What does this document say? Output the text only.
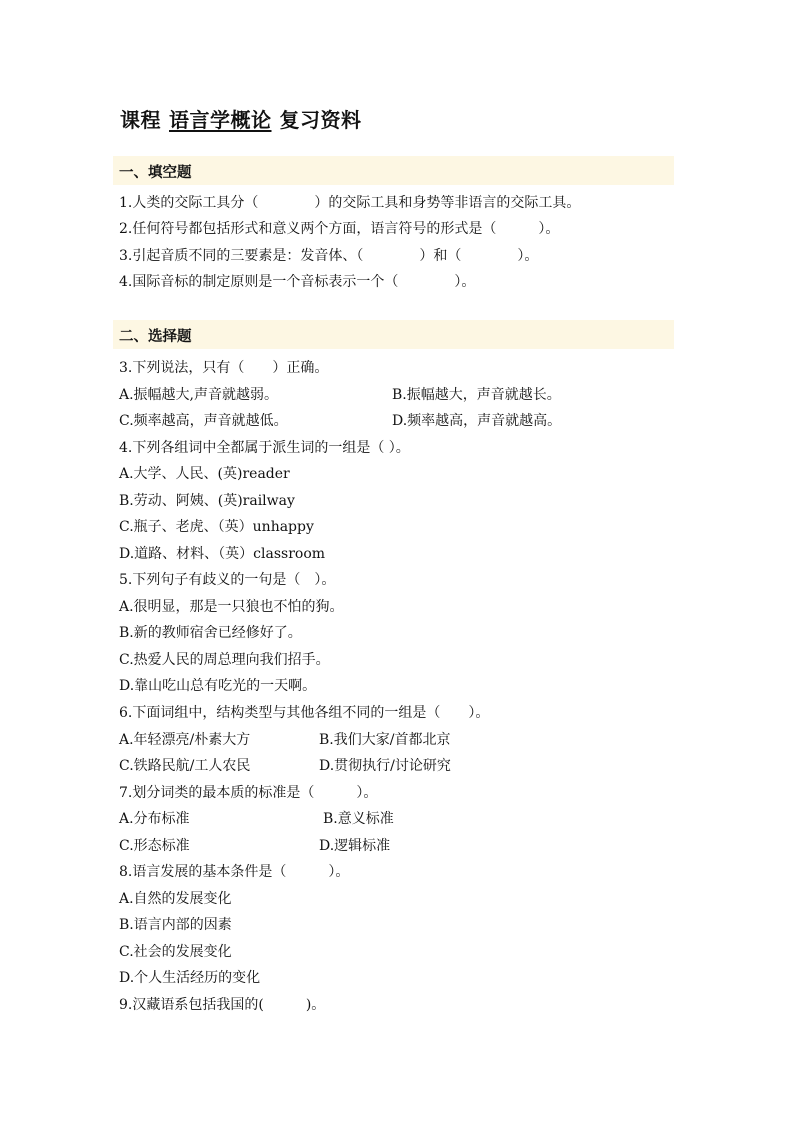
课程 语言学概论 复习资料
一、填空题
1.人类的交际工具分（　　　　）的交际工具和身势等非语言的交际工具。
2.任何符号都包括形式和意义两个方面，语言符号的形式是（　　　）。
3.引起音质不同的三要素是：发音体、（　　　　）和（　　　　）。
4.国际音标的制定原则是一个音标表示一个（　　　　）。
二、选择题
3.下列说法，只有（　　）正确。
A.振幅越大,声音就越弱。	B.振幅越大，声音就越长。
C.频率越高，声音就越低。	D.频率越高，声音就越高。
4.下列各组词中全都属于派生词的一组是（ ）。
A.大学、人民、(英)reader
B.劳动、阿姨、(英)railway
C.瓶子、老虎、（英）unhappy
D.道路、材料、（英）classroom
5.下列句子有歧义的一句是（　）。
A.很明显，那是一只狼也不怕的狗。
B.新的教师宿舍已经修好了。
C.热爱人民的周总理向我们招手。
D.靠山吃山总有吃光的一天啊。
6.下面词组中，结构类型与其他各组不同的一组是（　　）。
A.年轻漂亮/朴素大方	B.我们大家/首都北京
C.铁路民航/工人农民	D.贯彻执行/讨论研究
7.划分词类的最本质的标准是（　　　）。
A.分布标准	B.意义标准
C.形态标准	D.逻辑标准
8.语言发展的基本条件是（　　　）。
A.自然的发展变化
B.语言内部的因素
C.社会的发展变化
D.个人生活经历的变化
9.汉藏语系包括我国的(　　　)。
